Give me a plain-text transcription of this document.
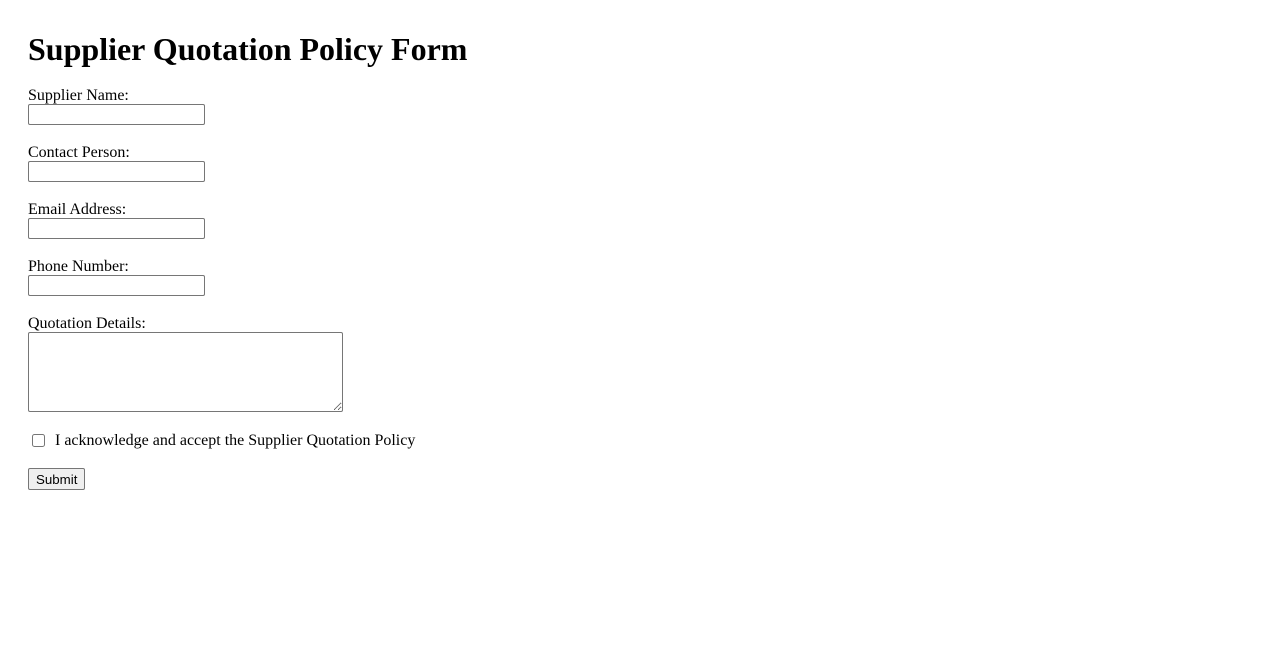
Supplier Quotation Policy Form
Supplier Name:
Contact Person:
Email Address:
Phone Number:
Quotation Details:
I acknowledge and accept the Supplier Quotation Policy
Submit
